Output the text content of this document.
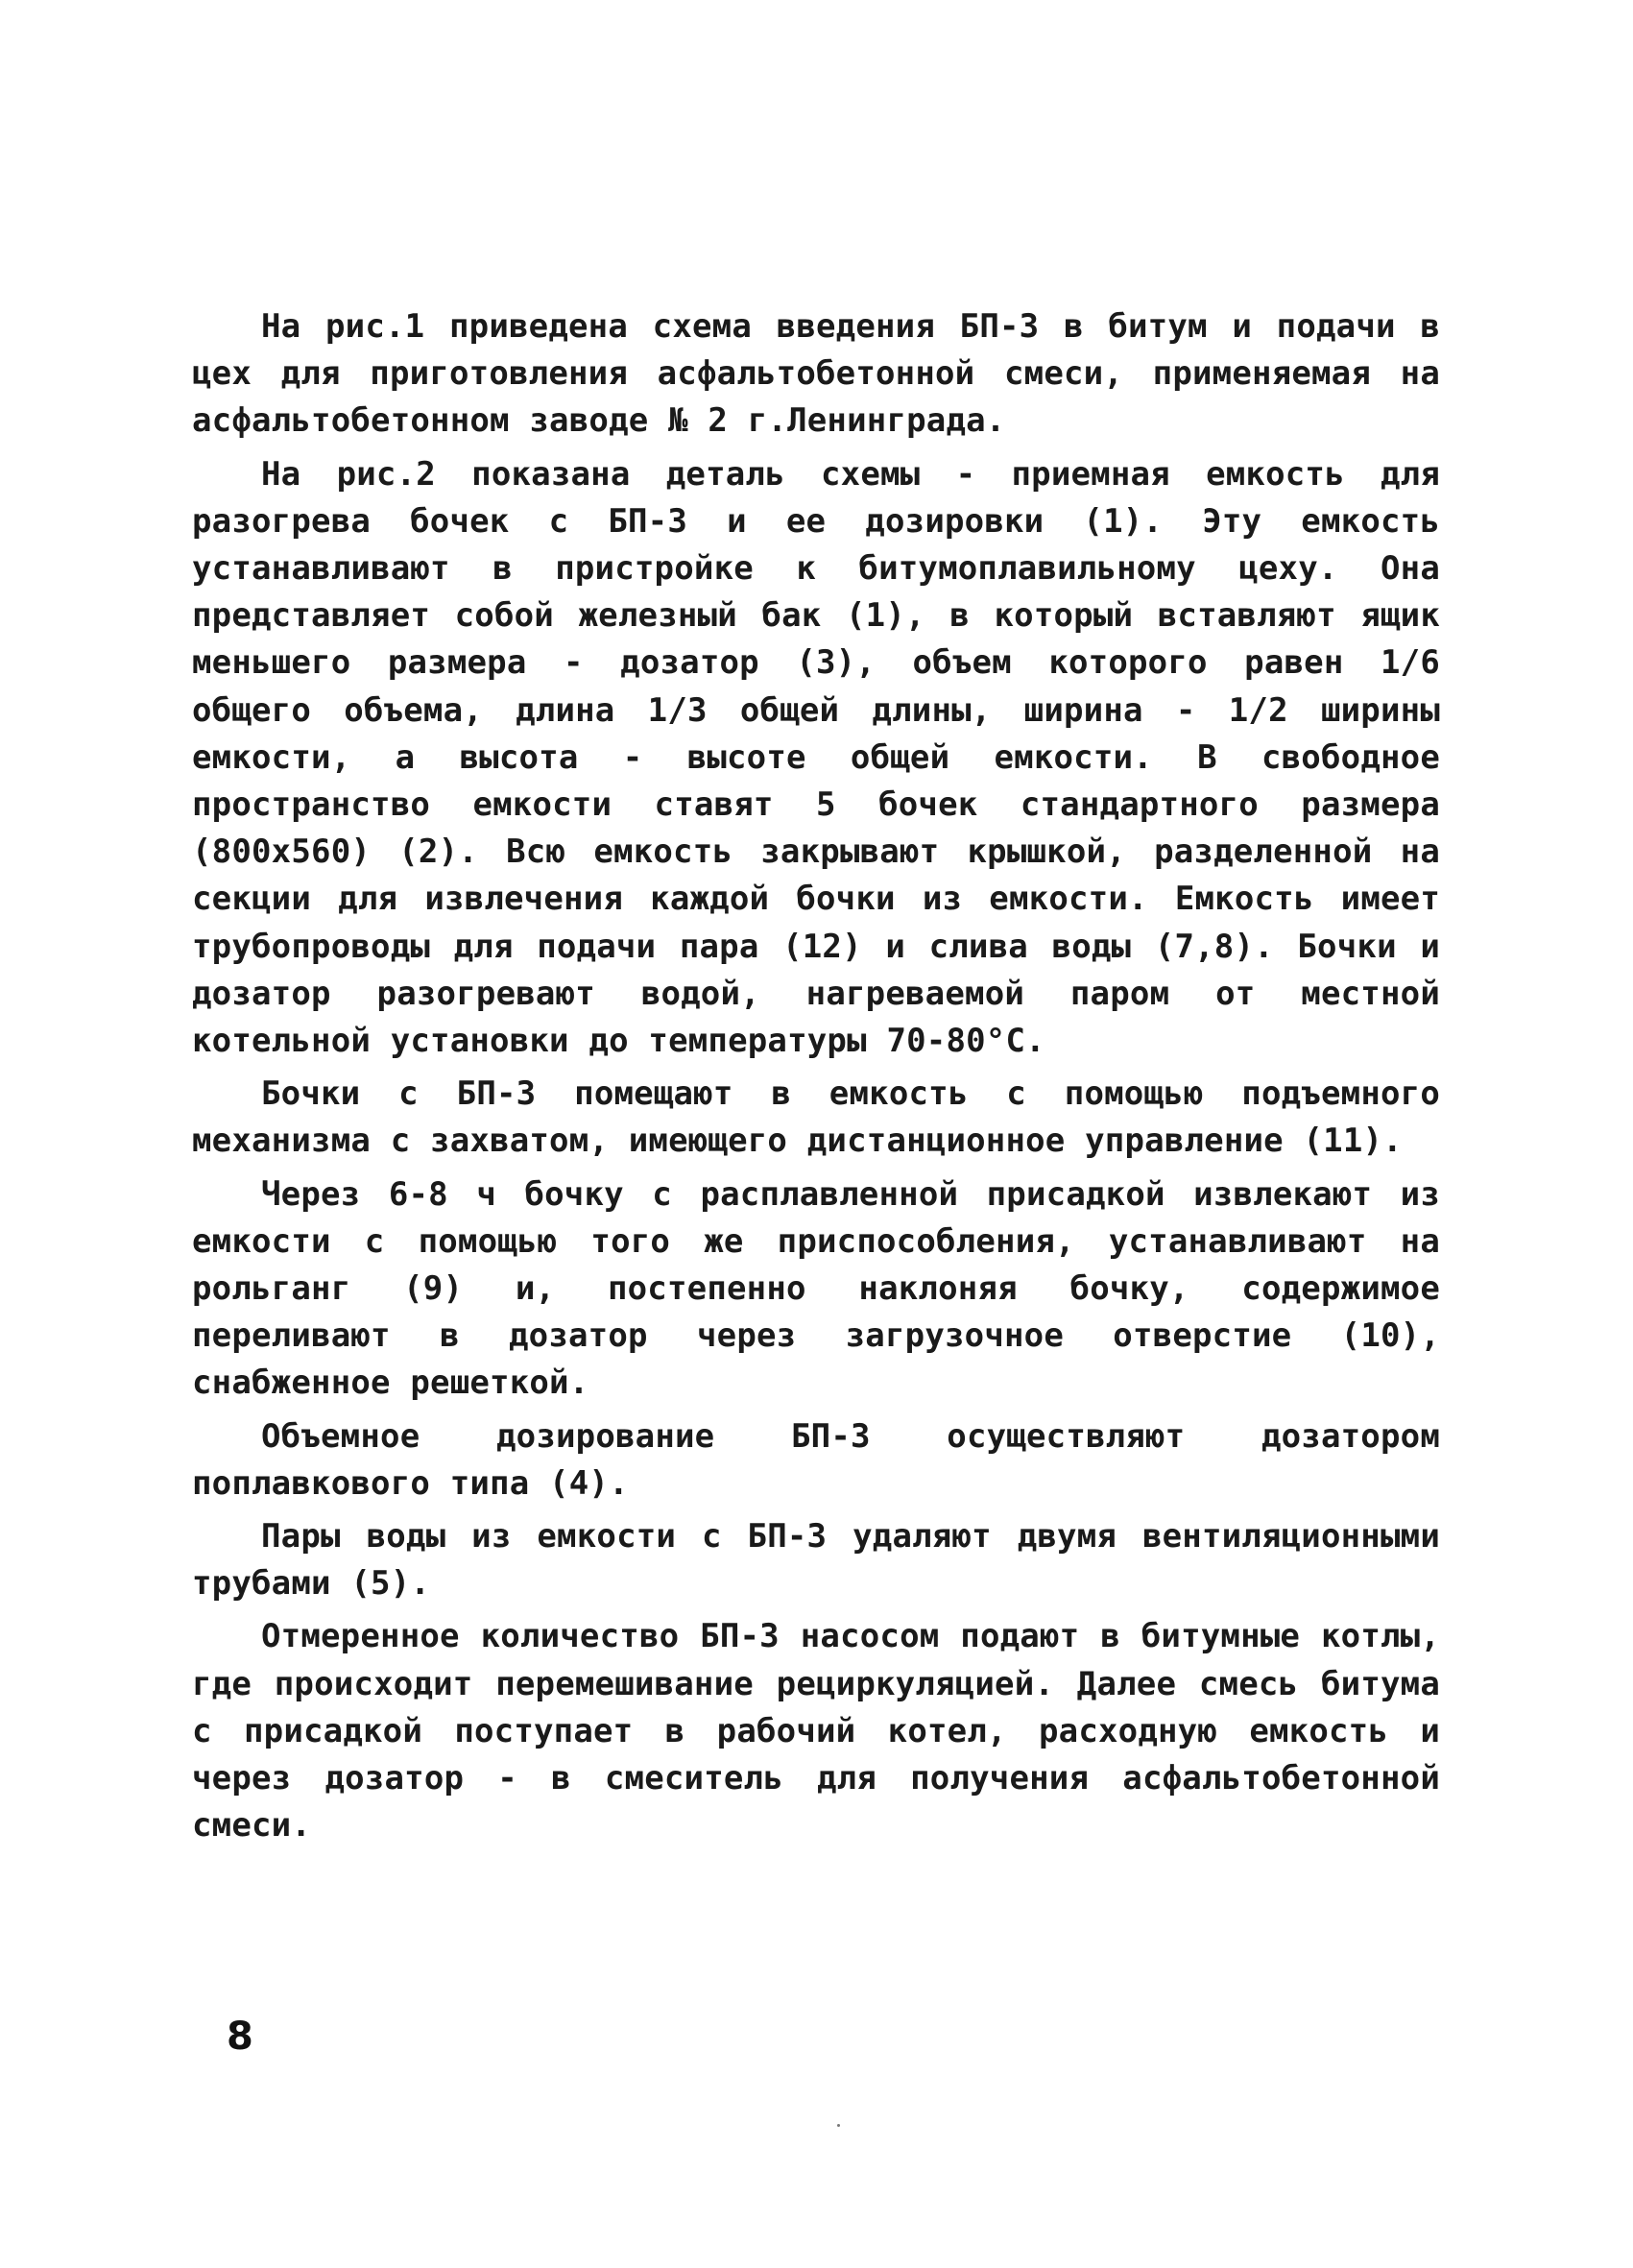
На рис.1 приведена схема введения БП-3 в битум и подачи в цех для приготовления асфальтобетонной смеси, применяемая на асфальтобетонном заводе № 2 г.Ленинграда.

На рис.2 показана деталь схемы - приемная емкость для разогрева бочек с БП-3 и ее дозировки (1). Эту емкость устанавливают в пристройке к битумоплавильному цеху. Она представляет собой железный бак (1), в который вставляют ящик меньшего размера - дозатор (3), объем которого равен 1/6 общего объема, длина 1/3 общей длины, ширина - 1/2 ширины емкости, а высота - высоте общей емкости. В свободное пространство емкости ставят 5 бочек стандартного размера (800x560) (2). Всю емкость закрывают крышкой, разделенной на секции для извлечения каждой бочки из емкости. Емкость имеет трубопроводы для подачи пара (12) и слива воды (7,8). Бочки и дозатор разогревают водой, нагреваемой паром от местной котельной установки до температуры 70-80°С.

Бочки с БП-3 помещают в емкость с помощью подъемного механизма с захватом, имеющего дистанционное управление (11).

Через 6-8 ч бочку с расплавленной присадкой извлекают из емкости с помощью того же приспособления, устанавливают на рольганг (9) и, постепенно наклоняя бочку, содержимое переливают в дозатор через загрузочное отверстие (10), снабженное решеткой.

Объемное дозирование БП-3 осуществляют дозатором поплавкового типа (4).

Пары воды из емкости с БП-3 удаляют двумя вентиляционными трубами (5).

Отмеренное количество БП-3 насосом подают в битумные котлы, где происходит перемешивание рециркуляцией. Далее смесь битума с присадкой поступает в рабочий котел, расходную емкость и через дозатор - в смеситель для получения асфальтобетонной смеси.

8
